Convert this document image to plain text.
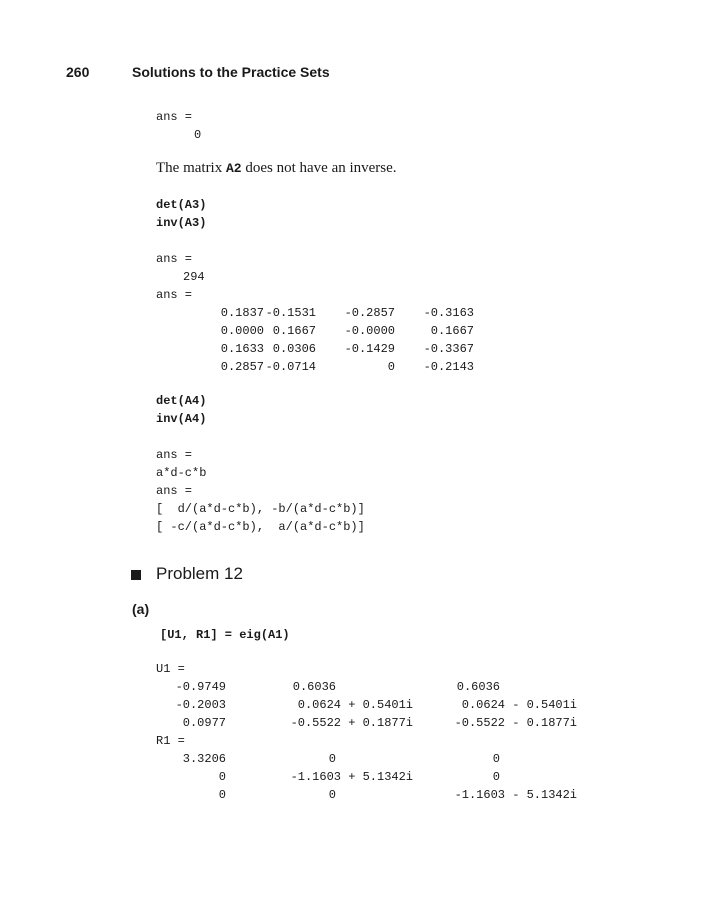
260	Solutions to the Practice Sets
ans =
0
The matrix A2 does not have an inverse.
det(A3)
inv(A3)
ans =
294
ans =
0.1837 -0.1531 -0.2857 -0.3163
0.0000 0.1667 -0.0000	0.1667
0.1633 0.0306 -0.1429 -0.3367
0.2857 -0.0714	0 -0.2143
det(A4)
inv(A4)
ans =
a*d-c*b
ans =
[  d/(a*d-c*b), -b/(a*d-c*b)]
[ -c/(a*d-c*b),  a/(a*d-c*b)]
Problem 12
(a)
[U1, R1] = eig(A1)
U1 =
-0.9749	0.6036	0.6036
-0.2003	0.0624 + 0.5401i	0.0624 - 0.5401i
0.0977	-0.5522 + 0.1877i	-0.5522 - 0.1877i
R1 =
3.3206	0	0
0	-1.1603 + 5.1342i	0
0	0	-1.1603 - 5.1342i
